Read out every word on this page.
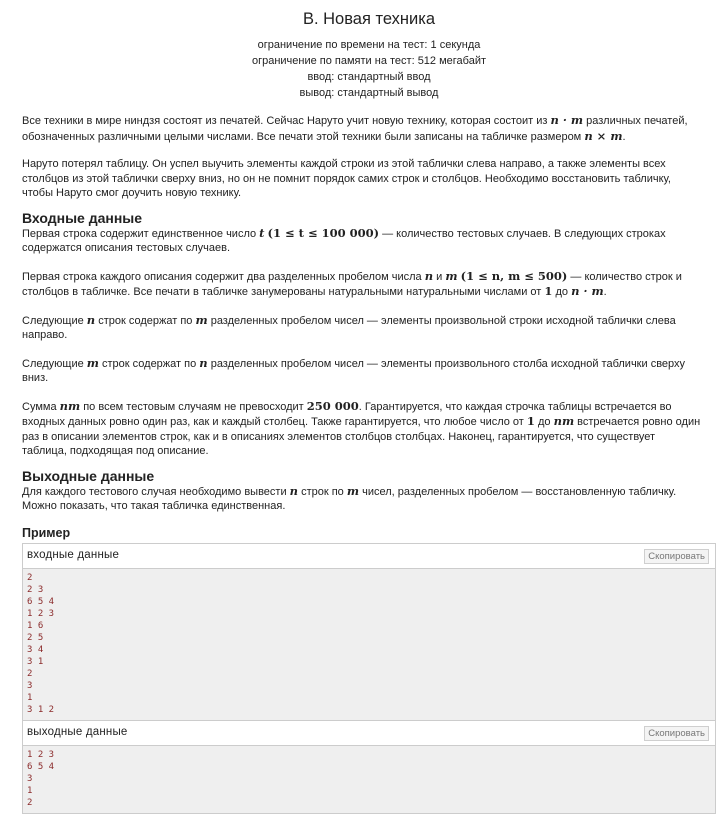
B. Новая техника
ограничение по времени на тест: 1 секунда
ограничение по памяти на тест: 512 мегабайт
ввод: стандартный ввод
вывод: стандартный вывод

Все техники в мире ниндзя состоят из печатей. Сейчас Наруто учит новую технику, которая состоит из n · m различных печатей,
обозначенных различными целыми числами. Все печати этой техники были записаны на табличке размером n × m.

Наруто потерял таблицу. Он успел выучить элементы каждой строки из этой таблички слева направо, а также элементы всех
столбцов из этой таблички сверху вниз, но он не помнит порядок самих строк и столбцов. Необходимо восстановить табличку,
чтобы Наруто смог доучить новую технику.

Входные данные

Первая строка содержит единственное число t (1 ≤ t ≤ 100 000) — количество тестовых случаев. В следующих строках
содержатся описания тестовых случаев.

Первая строка каждого описания содержит два разделенных пробелом числа n и m (1 ≤ n, m ≤ 500) — количество строк и
столбцов в табличке. Все печати в табличке занумерованы натуральными натуральными числами от 1 до n · m.

Следующие n строк содержат по m разделенных пробелом чисел — элементы произвольной строки исходной таблички слева
направо.

Следующие m строк содержат по n разделенных пробелом чисел — элементы произвольного столба исходной таблички сверху
вниз.

Сумма nm по всем тестовым случаям не превосходит 250 000. Гарантируется, что каждая строчка таблицы встречается во
входных данных ровно один раз, как и каждый столбец. Также гарантируется, что любое число от 1 до nm встречается ровно один
раз в описании элементов строк, как и в описаниях элементов столбцов столбцах. Наконец, гарантируется, что существует
таблица, подходящая под описание.

Выходные данные

Для каждого тестового случая необходимо вывести n строк по m чисел, разделенных пробелом — восстановленную табличку.
Можно показать, что такая табличка единственная.

Пример
входные данные	Скопировать
2
2 3
6 5 4
1 2 3
1 6
2 5
3 4
3 1
2
3
1
3 1 2
выходные данные	Скопировать
1 2 3
6 5 4
3
1
2
